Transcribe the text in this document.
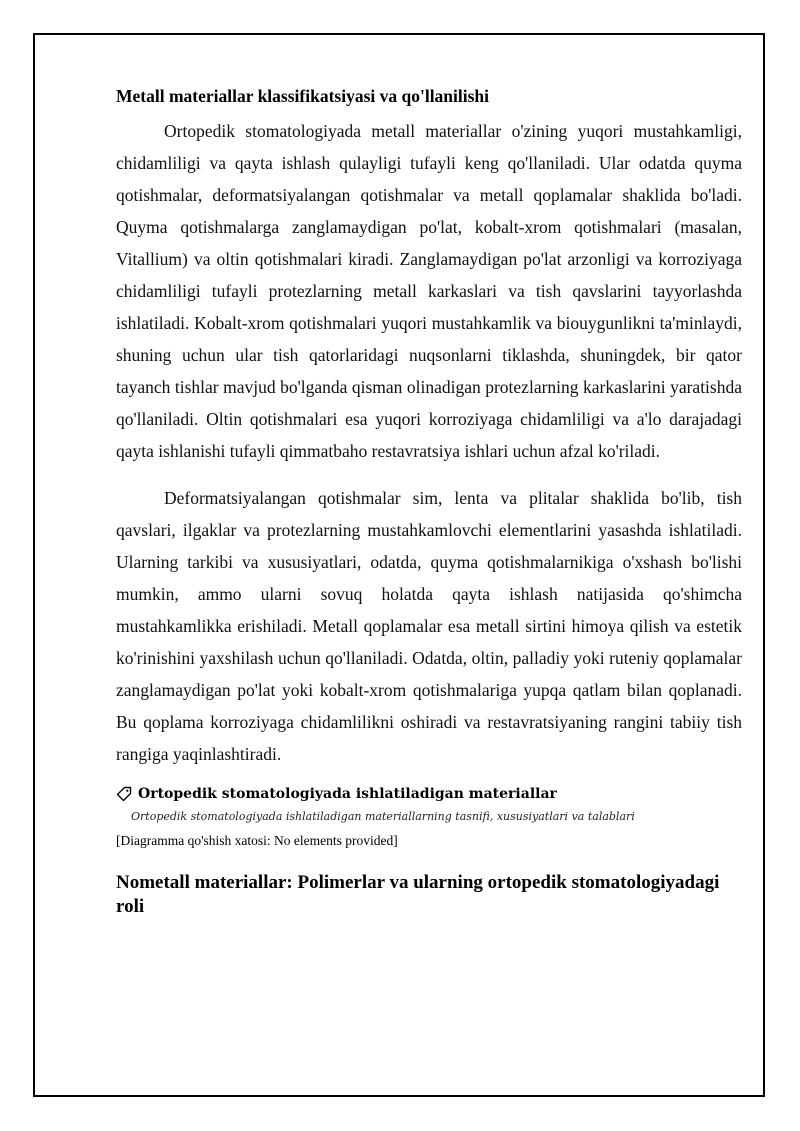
Metall materiallar klassifikatsiyasi va qo'llanilishi

Ortopedik stomatologiyada metall materiallar o'zining yuqori mustahkamligi, chidamliligi va qayta ishlash qulayligi tufayli keng qo'llaniladi. Ular odatda quyma qotishmalar, deformatsiyalangan qotishmalar va metall qoplamalar shaklida bo'ladi. Quyma qotishmalarga zanglamaydigan po'lat, kobalt-xrom qotishmalari (masalan, Vitallium) va oltin qotishmalari kiradi. Zanglamaydigan po'lat arzonligi va korroziyaga chidamliligi tufayli protezlarning metall karkaslari va tish qavslarini tayyorlashda ishlatiladi. Kobalt-xrom qotishmalari yuqori mustahkamlik va biouygunlikni ta'minlaydi, shuning uchun ular tish qatorlaridagi nuqsonlarni tiklashda, shuningdek, bir qator tayanch tishlar mavjud bo'lganda qisman olinadigan protezlarning karkaslarini yaratishda qo'llaniladi. Oltin qotishmalari esa yuqori korroziyaga chidamliligi va a'lo darajadagi qayta ishlanishi tufayli qimmatbaho restavratsiya ishlari uchun afzal ko'riladi.

Deformatsiyalangan qotishmalar sim, lenta va plitalar shaklida bo'lib, tish qavslari, ilgaklar va protezlarning mustahkamlovchi elementlarini yasashda ishlatiladi. Ularning tarkibi va xususiyatlari, odatda, quyma qotishmalarnikiga o'xshash bo'lishi mumkin, ammo ularni sovuq holatda qayta ishlash natijasida qo'shimcha mustahkamlikka erishiladi. Metall qoplamalar esa metall sirtini himoya qilish va estetik ko'rinishini yaxshilash uchun qo'llaniladi. Odatda, oltin, palladiy yoki ruteniy qoplamalar zanglamaydigan po'lat yoki kobalt-xrom qotishmalariga yupqa qatlam bilan qoplanadi. Bu qoplama korroziyaga chidamlilikni oshiradi va restavratsiyaning rangini tabiiy tish rangiga yaqinlashtiradi.

Ortopedik stomatologiyada ishlatiladigan materiallar
Ortopedik stomatologiyada ishlatiladigan materiallarning tasnifi, xususiyatlari va talablari
[Diagramma qo'shish xatosi: No elements provided]
Nometall materiallar: Polimerlar va ularning ortopedik stomatologiyadagi roli
